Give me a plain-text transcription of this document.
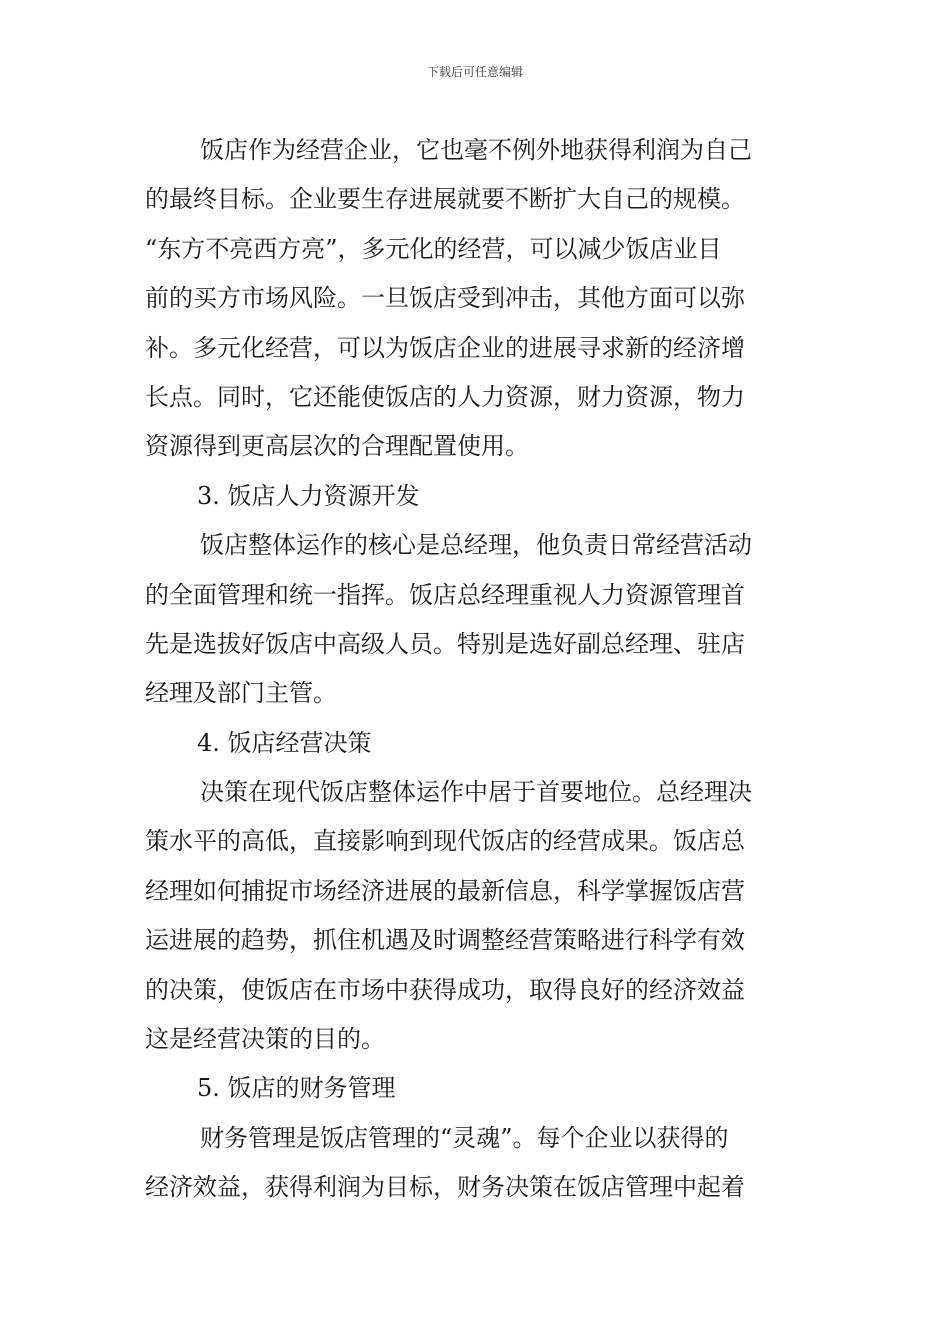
下载后可任意编辑
饭店作为经营企业，它也毫不例外地获得利润为自己
的最终目标。企业要生存进展就要不断扩大自己的规模。
“东方不亮西方亮”，多元化的经营，可以减少饭店业目
前的买方市场风险。一旦饭店受到冲击，其他方面可以弥
补。多元化经营，可以为饭店企业的进展寻求新的经济增
长点。同时，它还能使饭店的人力资源，财力资源，物力
资源得到更高层次的合理配置使用。
3. 饭店人力资源开发
饭店整体运作的核心是总经理，他负责日常经营活动
的全面管理和统一指挥。饭店总经理重视人力资源管理首
先是选拔好饭店中高级人员。特别是选好副总经理、驻店
经理及部门主管。
4. 饭店经营决策
决策在现代饭店整体运作中居于首要地位。总经理决
策水平的高低，直接影响到现代饭店的经营成果。饭店总
经理如何捕捉市场经济进展的最新信息，科学掌握饭店营
运进展的趋势，抓住机遇及时调整经营策略进行科学有效
的决策，使饭店在市场中获得成功，取得良好的经济效益
这是经营决策的目的。
5. 饭店的财务管理
财务管理是饭店管理的“灵魂”。每个企业以获得的
经济效益，获得利润为目标，财务决策在饭店管理中起着
